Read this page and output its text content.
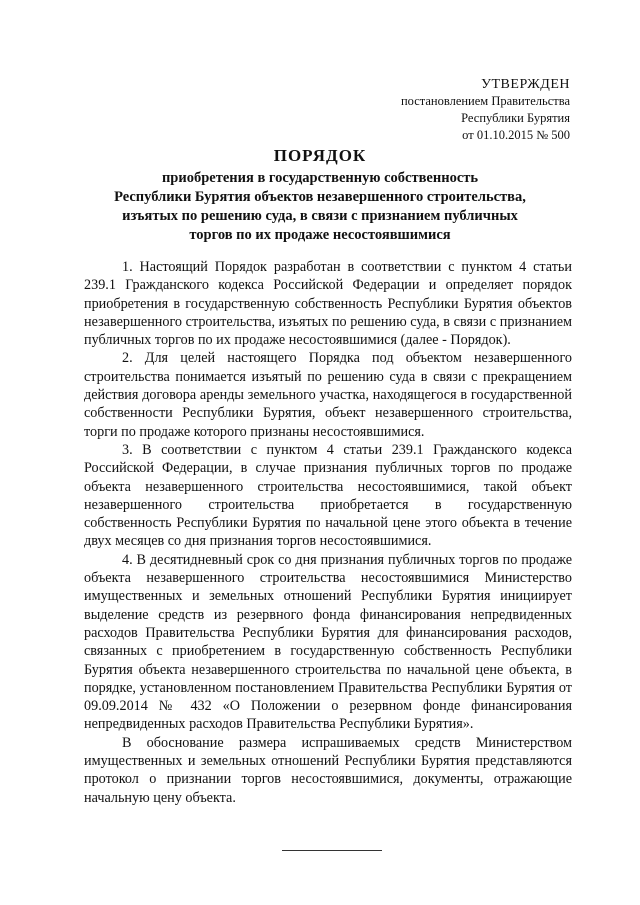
УТВЕРЖДЕН
постановлением Правительства
Республики Бурятия
от 01.10.2015 № 500
ПОРЯДОК
приобретения в государственную собственность
Республики Бурятия объектов незавершенного строительства,
изъятых по решению суда, в связи с признанием публичных
торгов по их продаже несостоявшимися

1. Настоящий Порядок разработан в соответствии с пунктом 4 статьи 239.1 Гражданского кодекса Российской Федерации и определяет порядок приобретения в государственную собственность Республики Бурятия объектов незавершенного строительства, изъятых по решению суда, в связи с признанием публичных торгов по их продаже несостоявшимися (далее - Порядок).

2. Для целей настоящего Порядка под объектом незавершенного строительства понимается изъятый по решению суда в связи с прекращением действия договора аренды земельного участка, находящегося в государственной собственности Республики Бурятия, объект незавершенного строительства, торги по продаже которого признаны несостоявшимися.

3. В соответствии с пунктом 4 статьи 239.1 Гражданского кодекса Российской Федерации, в случае признания публичных торгов по продаже объекта незавершенного строительства несостоявшимися, такой объект незавершенного строительства приобретается в государственную собственность Республики Бурятия по начальной цене этого объекта в течение двух месяцев со дня признания торгов несостоявшимися.

4. В десятидневный срок со дня признания публичных торгов по продаже объекта незавершенного строительства несостоявшимися Министерство имущественных и земельных отношений Республики Бурятия инициирует выделение средств из резервного фонда финансирования непредвиденных расходов Правительства Республики Бурятия для финансирования расходов, связанных с приобретением в государственную собственность Республики Бурятия объекта незавершенного строительства по начальной цене объекта, в порядке, установленном постановлением Правительства Республики Бурятия от 09.09.2014 № 432 «О Положении о резервном фонде финансирования непредвиденных расходов Правительства Республики Бурятия».

В обоснование размера испрашиваемых средств Министерством имущественных и земельных отношений Республики Бурятия представляются протокол о признании торгов несостоявшимися, документы, отражающие начальную цену объекта.
